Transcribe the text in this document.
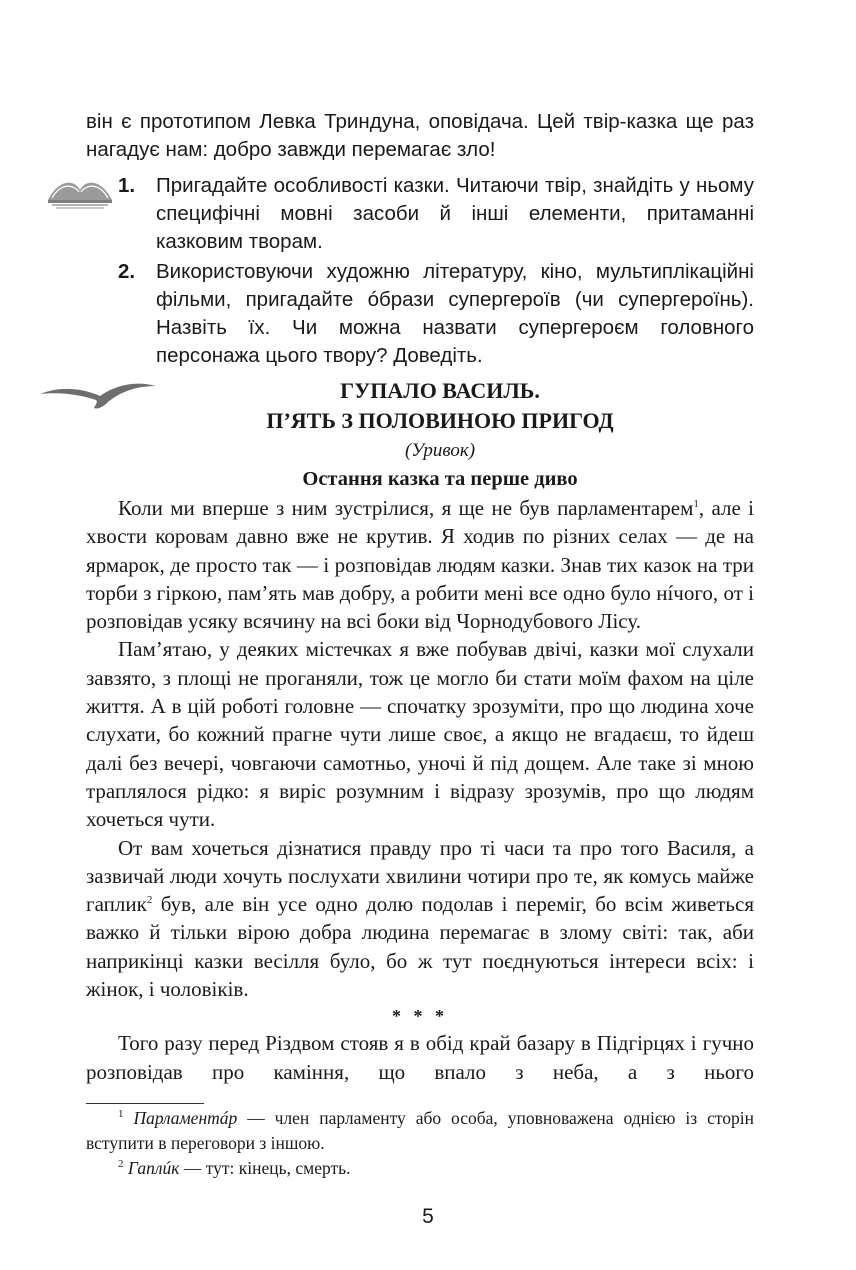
він є прототипом Левка Триндуна, оповідача. Цей твір-казка ще раз нагадує нам: добро завжди перемагає зло!

1. Пригадайте особливості казки. Читаючи твір, знайдіть у ньому специфічні мовні засоби й інші елементи, притаманні казковим творам.
2. Використовуючи художню літературу, кіно, мультиплікаційні фільми, пригадайте óбрази супергероїв (чи супергероїнь). Назвіть їх. Чи можна назвати супергероєм головного персонажа цього твору? Доведіть.
ГУПАЛО ВАСИЛЬ.
П’ЯТЬ З ПОЛОВИНОЮ ПРИГОД
(Уривок)
Остання казка та перше диво

Коли ми вперше з ним зустрілися, я ще не був парламентарем$^1$, але і хвости коровам давно вже не крутив. Я ходив по різних селах — де на ярмарок, де просто так — і розповідав людям казки. Знав тих казок на три торби з гіркою, пам’ять мав добру, а робити мені все одно було нíчого, от і розповідав усяку всячину на всі боки від Чорнодубового Лісу.

Пам’ятаю, у деяких містечках я вже побував двічі, казки мої слухали завзято, з площі не проганяли, тож це могло би стати моїм фахом на ціле життя. А в цій роботі головне — спочатку зрозуміти, про що людина хоче слухати, бо кожний прагне чути лише своє, а якщо не вгадаєш, то йдеш далі без вечері, човгаючи самотньо, уночі й під дощем. Але таке зі мною траплялося рідко: я виріс розумним і відразу зрозумів, про що людям хочеться чути.

От вам хочеться дізнатися правду про ті часи та про того Василя, а зазвичай люди хочуть послухати хвилини чотири про те, як комусь майже гаплик$^2$ був, але він усе одно долю подолав і переміг, бо всім живеться важко й тільки вірою добра людина перемагає в злому світі: так, аби наприкінці казки весілля було, бо ж тут поєднуються інтереси всіх: і жінок, і чоловіків.

* * *

Того разу перед Різдвом стояв я в обід край базару в Підгірцях і гучно розповідав про каміння, що впало з неба, а з нього

$^1$ Парламентáр — член парламенту або особа, уповноважена однією із сторін вступити в переговори з іншою.

$^2$ Гаплúк — тут: кінець, смерть.

5
